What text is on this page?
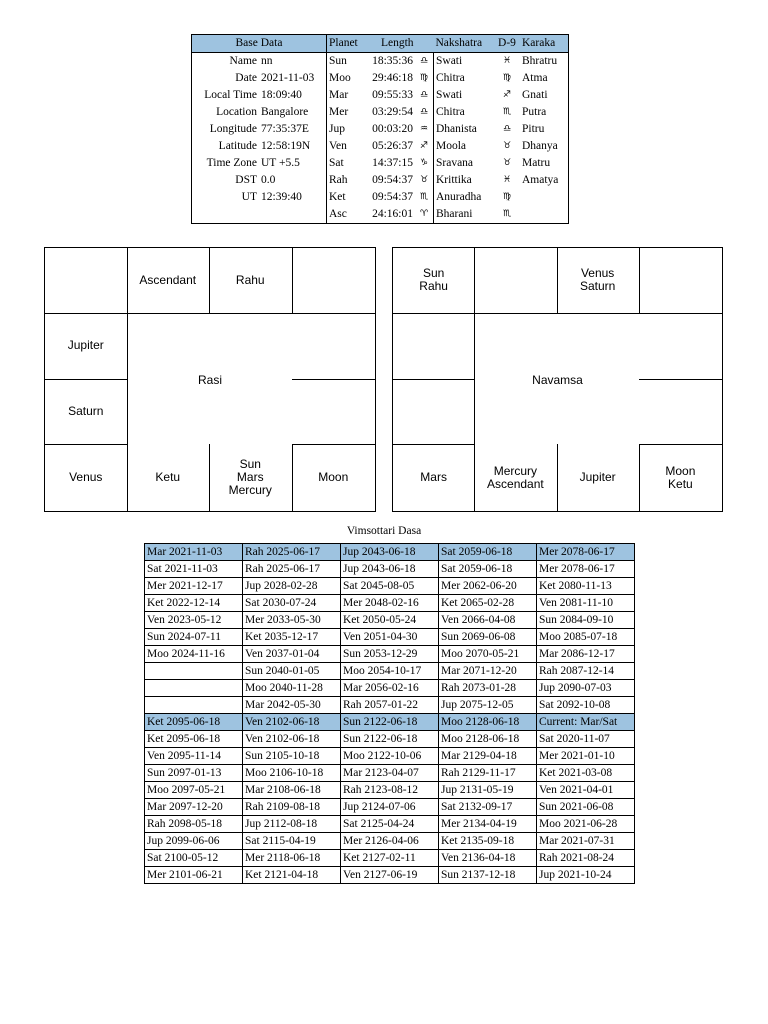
Base Data		Planet	Length		Nakshatra	D-9	Karaka
Name	nn	Sun	18:35:36	♎	Swati	♓	Bhratru
Date	2021-11-03	Moo	29:46:18	♍	Chitra	♍	Atma
Local Time	18:09:40	Mar	09:55:33	♎	Swati	♐	Gnati
Location	Bangalore	Mer	03:29:54	♎	Chitra	♏	Putra
Longitude	77:35:37E	Jup	00:03:20	♒	Dhanista	♎	Pitru
Latitude	12:58:19N	Ven	05:26:37	♐	Moola	♉	Dhanya
Time Zone	UT +5.5	Sat	14:37:15	♑	Sravana	♉	Matru
DST	0.0	Rah	09:54:37	♉	Krittika	♓	Amatya
UT	12:39:40	Ket	09:54:37	♏	Anuradha	♍	
		Asc	24:16:01	♈	Bharani	♏	
Ascendant	Rahu
Jupiter
Saturn
Venus	Ketu
Sun
Mars
Mercury
Moon
Rasi
Sun
Rahu
Venus
Saturn
Mars	Mercury
Ascendant	Jupiter	Moon
Ketu
Navamsa
Vimsottari Dasa
Mar 2021-11-03	Rah 2025-06-17	Jup 2043-06-18	Sat 2059-06-18	Mer 2078-06-17
Sat 2021-11-03	Rah 2025-06-17	Jup 2043-06-18	Sat 2059-06-18	Mer 2078-06-17
Mer 2021-12-17	Jup 2028-02-28	Sat 2045-08-05	Mer 2062-06-20	Ket 2080-11-13
Ket 2022-12-14	Sat 2030-07-24	Mer 2048-02-16	Ket 2065-02-28	Ven 2081-11-10
Ven 2023-05-12	Mer 2033-05-30	Ket 2050-05-24	Ven 2066-04-08	Sun 2084-09-10
Sun 2024-07-11	Ket 2035-12-17	Ven 2051-04-30	Sun 2069-06-08	Moo 2085-07-18
Moo 2024-11-16	Ven 2037-01-04	Sun 2053-12-29	Moo 2070-05-21	Mar 2086-12-17
	Sun 2040-01-05	Moo 2054-10-17	Mar 2071-12-20	Rah 2087-12-14
	Moo 2040-11-28	Mar 2056-02-16	Rah 2073-01-28	Jup 2090-07-03
	Mar 2042-05-30	Rah 2057-01-22	Jup 2075-12-05	Sat 2092-10-08
Ket 2095-06-18	Ven 2102-06-18	Sun 2122-06-18	Moo 2128-06-18	Current: Mar/Sat
Ket 2095-06-18	Ven 2102-06-18	Sun 2122-06-18	Moo 2128-06-18	Sat 2020-11-07
Ven 2095-11-14	Sun 2105-10-18	Moo 2122-10-06	Mar 2129-04-18	Mer 2021-01-10
Sun 2097-01-13	Moo 2106-10-18	Mar 2123-04-07	Rah 2129-11-17	Ket 2021-03-08
Moo 2097-05-21	Mar 2108-06-18	Rah 2123-08-12	Jup 2131-05-19	Ven 2021-04-01
Mar 2097-12-20	Rah 2109-08-18	Jup 2124-07-06	Sat 2132-09-17	Sun 2021-06-08
Rah 2098-05-18	Jup 2112-08-18	Sat 2125-04-24	Mer 2134-04-19	Moo 2021-06-28
Jup 2099-06-06	Sat 2115-04-19	Mer 2126-04-06	Ket 2135-09-18	Mar 2021-07-31
Sat 2100-05-12	Mer 2118-06-18	Ket 2127-02-11	Ven 2136-04-18	Rah 2021-08-24
Mer 2101-06-21	Ket 2121-04-18	Ven 2127-06-19	Sun 2137-12-18	Jup 2021-10-24
